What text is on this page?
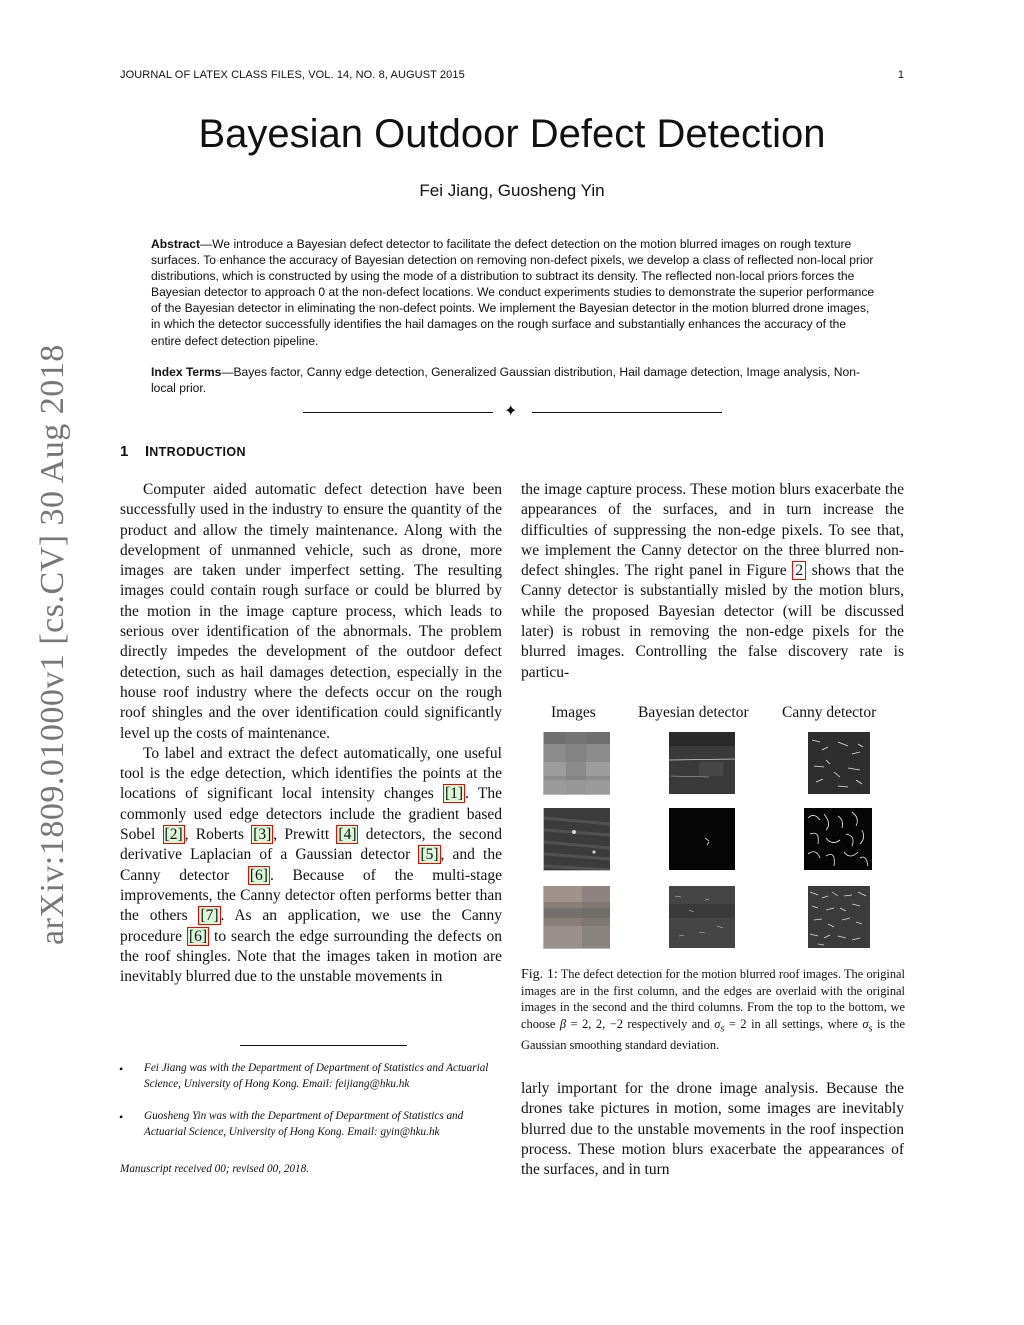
JOURNAL OF LATEX CLASS FILES, VOL. 14, NO. 8, AUGUST 2015	1
Bayesian Outdoor Defect Detection
Fei Jiang, Guosheng Yin

Abstract—We introduce a Bayesian defect detector to facilitate the defect detection on the motion blurred images on rough texture surfaces. To enhance the accuracy of Bayesian detection on removing non-defect pixels, we develop a class of reflected non-local prior distributions, which is constructed by using the mode of a distribution to subtract its density. The reflected non-local priors forces the Bayesian detector to approach 0 at the non-defect locations. We conduct experiments studies to demonstrate the superior performance of the Bayesian detector in eliminating the non-defect points. We implement the Bayesian detector in the motion blurred drone images, in which the detector successfully identifies the hail damages on the rough surface and substantially enhances the accuracy of the entire defect detection pipeline.

Index Terms—Bayes factor, Canny edge detection, Generalized Gaussian distribution, Hail damage detection, Image analysis, Non-local prior.

✦
arXiv:1809.01000v1 [cs.CV] 30 Aug 2018	1 INTRODUCTION

Computer aided automatic defect detection have been successfully used in the industry to ensure the quantity of the product and allow the timely maintenance. Along with the development of unmanned vehicle, such as drone, more images are taken under imperfect setting. The resulting images could contain rough surface or could be blurred by the motion in the image capture process, which leads to serious over identification of the abnormals. The problem directly impedes the development of the outdoor defect detection, such as hail damages detection, especially in the house roof industry where the defects occur on the rough roof shingles and the over identification could significantly level up the costs of maintenance.

To label and extract the defect automatically, one useful tool is the edge detection, which identifies the points at the locations of significant local intensity changes [1] . The commonly used edge detectors include the gradient based Sobel [2] , Roberts [3] , Prewitt [4] detectors, the second derivative Laplacian of a Gaussian detector [5] , and the Canny detector [6] . Because of the multi-stage improvements, the Canny detector often performs better than the others [7] . As an application, we use the Canny procedure [6] to search the edge surrounding the defects on the roof shingles. Note that the images taken in motion are inevitably blurred due to the unstable movements in

the image capture process. These motion blurs exacerbate the appearances of the surfaces, and in turn increase the difficulties of suppressing the non-edge pixels. To see that, we implement the Canny detector on the three blurred non-defect shingles. The right panel in Figure 2 shows that the Canny detector is substantially misled by the motion blurs, while the proposed Bayesian detector (will be discussed later) is robust in removing the non-edge pixels for the blurred images. Controlling the false discovery rate is particu-

Images	Bayesian detector Canny detector

Fig. 1: The defect detection for the motion blurred roof images. The original images are in the first column, and the edges are overlaid with the original images in the second and the third columns. From the top to the bottom, we choose β = 2, 2, −2 respectively and $\sigma_s = 2$ in all settings, where $\sigma_s$ is the Gaussian smoothing standard deviation.

larly important for the drone image analysis. Because the drones take pictures in motion, some images are inevitably blurred due to the unstable movements in the roof inspection process. These motion blurs exacerbate the appearances of the surfaces, and in turn

• Fei Jiang was with the Department of Department of Statistics and Actuarial Science, University of Hong Kong. Email: feijiang@hku.hk

• Guosheng Yin was with the Department of Department of Statistics and Actuarial Science, University of Hong Kong. Email: gyin@hku.hk

Manuscript received 00; revised 00, 2018.
